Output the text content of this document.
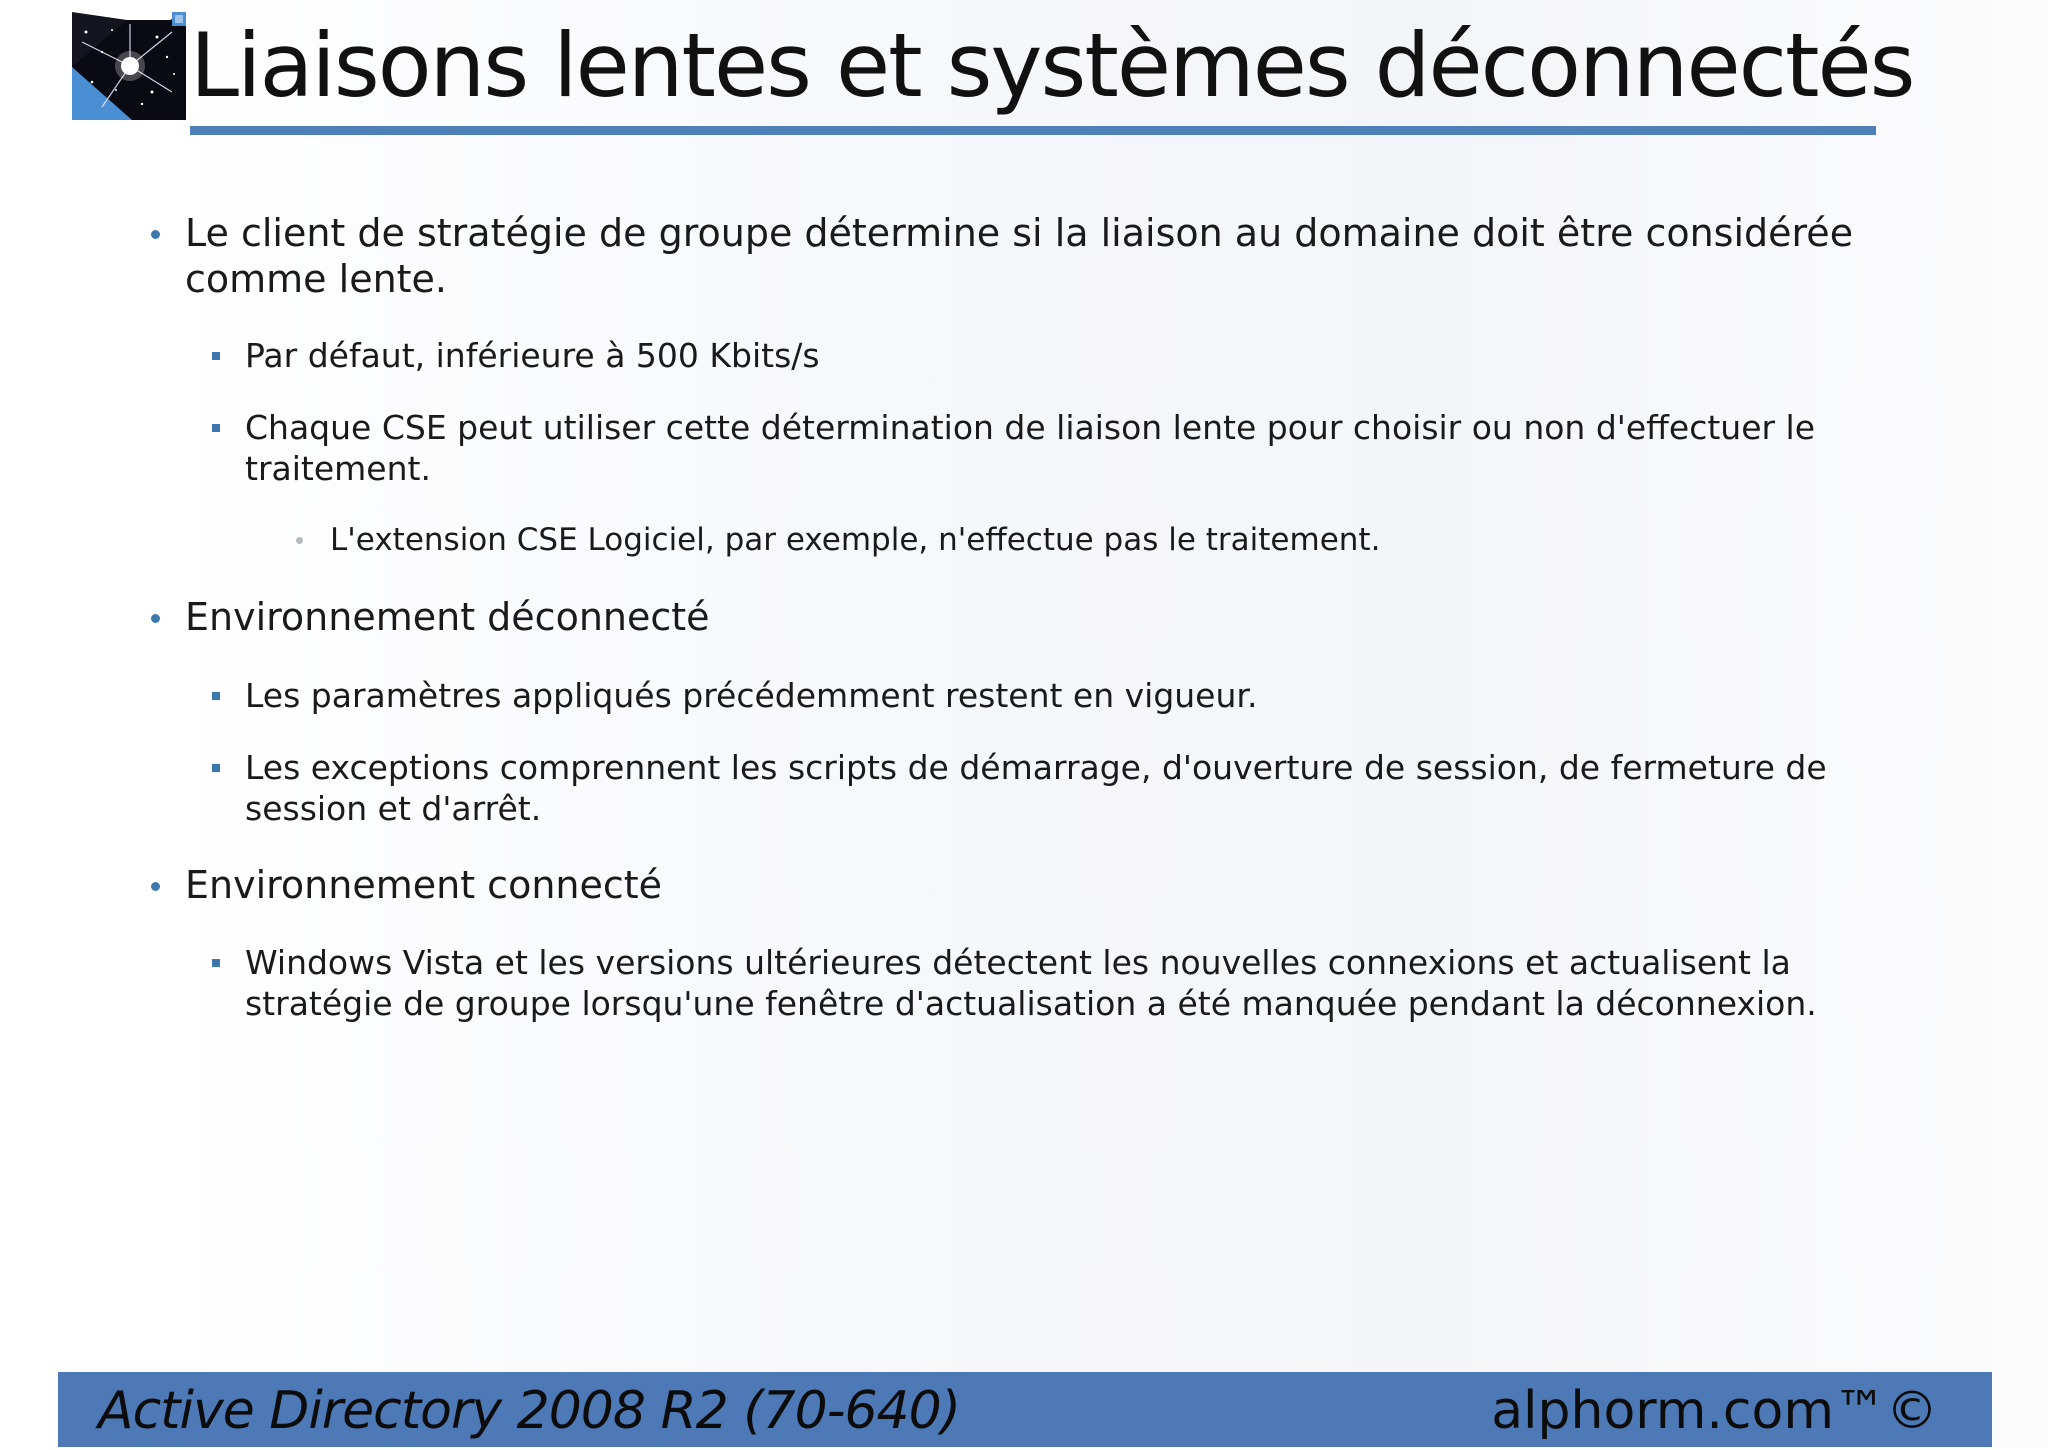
Liaisons lentes et systèmes déconnectés
Le client de stratégie de groupe détermine si la liaison au domaine doit être considérée
comme lente.
Par défaut, inférieure à 500 Kbits/s
Chaque CSE peut utiliser cette détermination de liaison lente pour choisir ou non d'effectuer le
traitement.
L'extension CSE Logiciel, par exemple, n'effectue pas le traitement.
Environnement déconnecté
Les paramètres appliqués précédemment restent en vigueur.
Les exceptions comprennent les scripts de démarrage, d'ouverture de session, de fermeture de
session et d'arrêt.
Environnement connecté
Windows Vista et les versions ultérieures détectent les nouvelles connexions et actualisent la
stratégie de groupe lorsqu'une fenêtre d'actualisation a été manquée pendant la déconnexion.
Active Directory 2008 R2 (70-640)	alphorm.com™©
